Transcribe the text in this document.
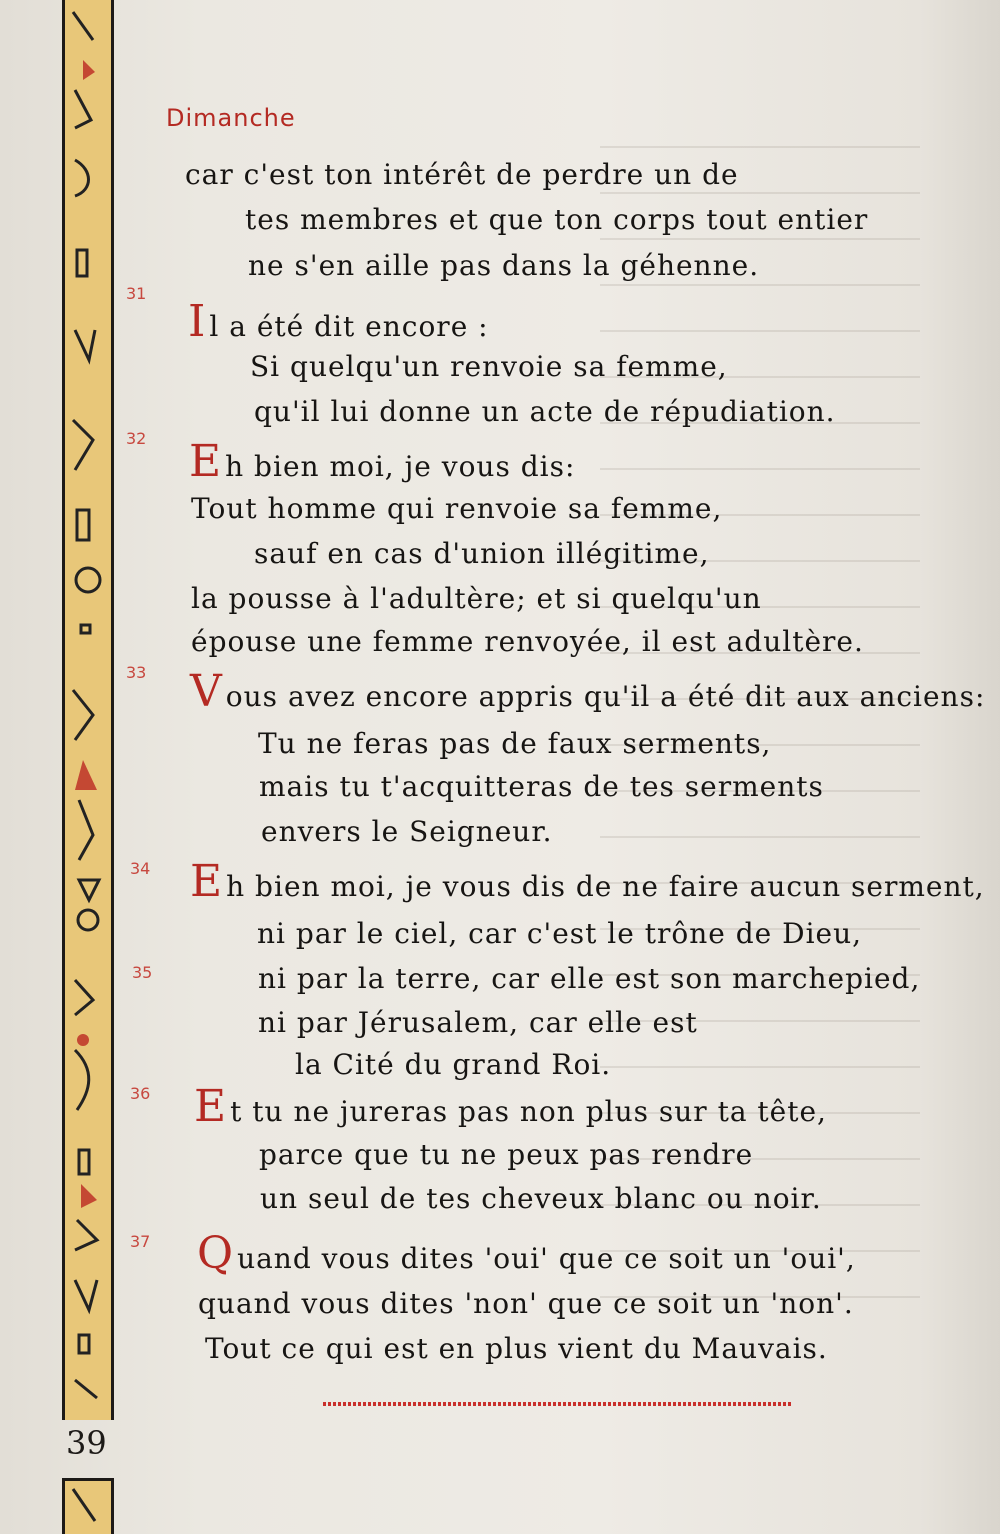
39
Dimanche
car c'est ton intérêt de perdre un de
tes membres et que ton corps tout entier
ne s'en aille pas dans la géhenne.
31
Il a été dit encore :
Si quelqu'un renvoie sa femme,
qu'il lui donne un acte de répudiation.
32 Eh bien moi, je vous dis:
Tout homme qui renvoie sa femme,
sauf en cas d'union illégitime,
la pousse à l'adultère; et si quelqu'un
épouse une femme renvoyée, il est adultère.
33 Vous avez encore appris qu'il a été dit aux anciens:
Tu ne feras pas de faux serments,
mais tu t'acquitteras de tes serments
envers le Seigneur.
34 Eh bien moi, je vous dis de ne faire aucun serment,
ni par le ciel, car c'est le trône de Dieu,
35	ni par la terre, car elle est son marchepied,
ni par Jérusalem, car elle est
la Cité du grand Roi.
36 Et tu ne jureras pas non plus sur ta tête,
parce que tu ne peux pas rendre
un seul de tes cheveux blanc ou noir.
37 Quand vous dites 'oui' que ce soit un 'oui',
quand vous dites 'non' que ce soit un 'non'.
Tout ce qui est en plus vient du Mauvais.
